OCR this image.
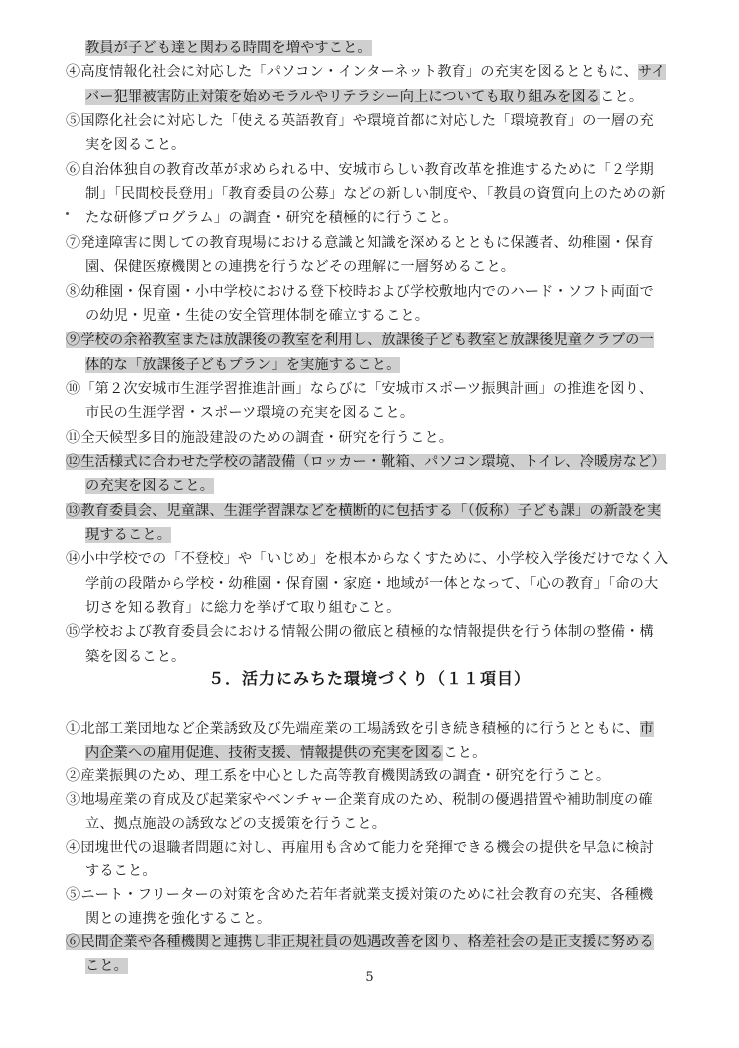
教員が子ども達と関わる時間を増やすこと。
④高度情報化社会に対応した「パソコン・インターネット教育」の充実を図るとともに、サイ
バー犯罪被害防止対策を始めモラルやリテラシー向上についても取り組みを図ること。
⑤国際化社会に対応した「使える英語教育」や環境首都に対応した「環境教育」の一層の充
実を図ること。
⑥自治体独自の教育改革が求められる中、安城市らしい教育改革を推進するために「２学期
制」「民間校長登用」「教育委員の公募」などの新しい制度や、「教員の資質向上のための新
たな研修プログラム」の調査・研究を積極的に行うこと。
⑦発達障害に関しての教育現場における意識と知識を深めるとともに保護者、幼稚園・保育
園、保健医療機関との連携を行うなどその理解に一層努めること。
⑧幼稚園・保育園・小中学校における登下校時および学校敷地内でのハード・ソフト両面で
の幼児・児童・生徒の安全管理体制を確立すること。
⑨学校の余裕教室または放課後の教室を利用し、放課後子ども教室と放課後児童クラブの一
体的な「放課後子どもプラン」を実施すること。
⑩「第２次安城市生涯学習推進計画」ならびに「安城市スポーツ振興計画」の推進を図り、
市民の生涯学習・スポーツ環境の充実を図ること。
⑪全天候型多目的施設建設のための調査・研究を行うこと。
⑫生活様式に合わせた学校の諸設備（ロッカー・靴箱、パソコン環境、トイレ、冷暖房など）
の充実を図ること。
⑬教育委員会、児童課、生涯学習課などを横断的に包括する「（仮称）子ども課」の新設を実
現すること。
⑭小中学校での「不登校」や「いじめ」を根本からなくすために、小学校入学後だけでなく入
学前の段階から学校・幼稚園・保育園・家庭・地域が一体となって、「心の教育」「命の大
切さを知る教育」に総力を挙げて取り組むこと。
⑮学校および教育委員会における情報公開の徹底と積極的な情報提供を行う体制の整備・構
築を図ること。
５．活力にみちた環境づくり（１１項目）
①北部工業団地など企業誘致及び先端産業の工場誘致を引き続き積極的に行うとともに、市
内企業への雇用促進、技術支援、情報提供の充実を図ること。
②産業振興のため、理工系を中心とした高等教育機関誘致の調査・研究を行うこと。
③地場産業の育成及び起業家やベンチャー企業育成のため、税制の優遇措置や補助制度の確
立、拠点施設の誘致などの支援策を行うこと。
④団塊世代の退職者問題に対し、再雇用も含めて能力を発揮できる機会の提供を早急に検討
すること。
⑤ニート・フリーターの対策を含めた若年者就業支援対策のために社会教育の充実、各種機
関との連携を強化すること。
⑥民間企業や各種機関と連携し非正規社員の処遇改善を図り、格差社会の是正支援に努める
こと。
5
